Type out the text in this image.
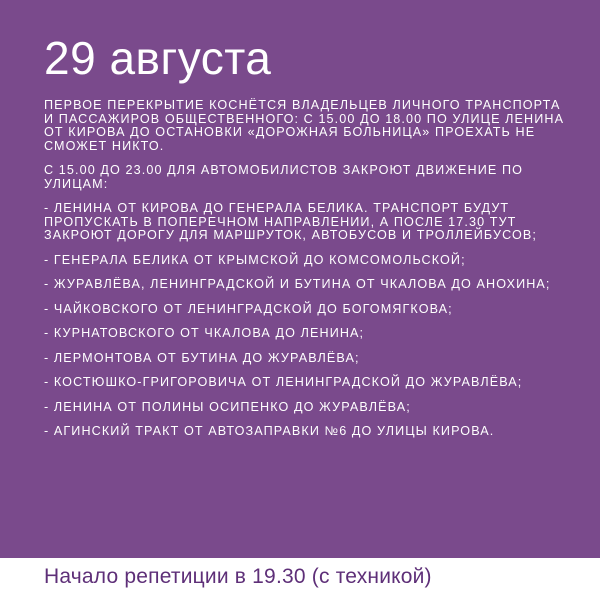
29 августа

ПЕРВОЕ ПЕРЕКРЫТИЕ КОСНЁТСЯ ВЛАДЕЛЬЦЕВ ЛИЧНОГО ТРАНСПОРТА И ПАССАЖИРОВ ОБЩЕСТВЕННОГО: С 15.00 ДО 18.00 ПО УЛИЦЕ ЛЕНИНА ОТ КИРОВА ДО ОСТАНОВКИ «ДОРОЖНАЯ БОЛЬНИЦА» ПРОЕХАТЬ НЕ СМОЖЕТ НИКТО.

С 15.00 ДО 23.00 ДЛЯ АВТОМОБИЛИСТОВ ЗАКРОЮТ ДВИЖЕНИЕ ПО УЛИЦАМ:

- ЛЕНИНА ОТ КИРОВА ДО ГЕНЕРАЛА БЕЛИКА. ТРАНСПОРТ БУДУТ ПРОПУСКАТЬ В ПОПЕРЕЧНОМ НАПРАВЛЕНИИ, А ПОСЛЕ 17.30 ТУТ ЗАКРОЮТ ДОРОГУ ДЛЯ МАРШРУТОК, АВТОБУСОВ И ТРОЛЛЕЙБУСОВ;

- ГЕНЕРАЛА БЕЛИКА ОТ КРЫМСКОЙ ДО КОМСОМОЛЬСКОЙ;

- ЖУРАВЛЁВА, ЛЕНИНГРАДСКОЙ И БУТИНА ОТ ЧКАЛОВА ДО АНОХИНА;

- ЧАЙКОВСКОГО ОТ ЛЕНИНГРАДСКОЙ ДО БОГОМЯГКОВА;

- КУРНАТОВСКОГО ОТ ЧКАЛОВА ДО ЛЕНИНА;

- ЛЕРМОНТОВА ОТ БУТИНА ДО ЖУРАВЛЁВА;

- КОСТЮШКО-ГРИГОРОВИЧА ОТ ЛЕНИНГРАДСКОЙ ДО ЖУРАВЛЁВА;

- ЛЕНИНА ОТ ПОЛИНЫ ОСИПЕНКО ДО ЖУРАВЛЁВА;

- АГИНСКИЙ ТРАКТ ОТ АВТОЗАПРАВКИ №6 ДО УЛИЦЫ КИРОВА.

Начало репетиции в 19.30 (с техникой)
